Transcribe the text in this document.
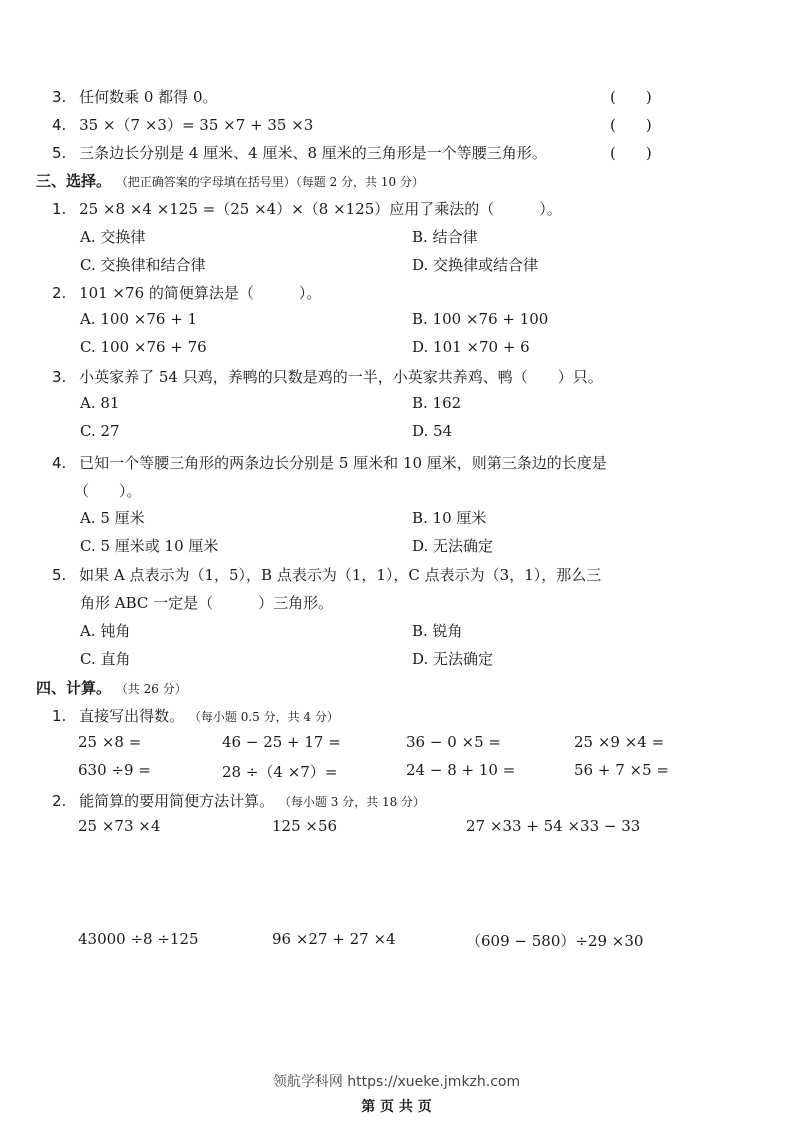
3. 任何数乘 0 都得 0。	(　　)
4. 35 ×（7 ×3）= 35 ×7 + 35 ×3	(　　)
5. 三条边长分别是 4 厘米、4 厘米、8 厘米的三角形是一个等腰三角形。	(　　)
三、选择。 （把正确答案的字母填在括号里）（每题 2 分，共 10 分）
1. 25 ×8 ×4 ×125 =（25 ×4）×（8 ×125）应用了乘法的（　　　）。
A. 交换律	B. 结合律
C. 交换律和结合律	D. 交换律或结合律
2. 101 ×76 的简便算法是（　　　）。
A. 100 ×76 + 1	B. 100 ×76 + 100
C. 100 ×76 + 76	D. 101 ×70 + 6
3. 小英家养了 54 只鸡，养鸭的只数是鸡的一半，小英家共养鸡、鸭（　　）只。
A. 81	B. 162
C. 27	D. 54
4. 已知一个等腰三角形的两条边长分别是 5 厘米和 10 厘米，则第三条边的长度是
（　　）。
A. 5 厘米	B. 10 厘米
C. 5 厘米或 10 厘米	D. 无法确定
5. 如果 A 点表示为（1，5），B 点表示为（1，1），C 点表示为（3，1），那么三
角形 ABC 一定是（　　　）三角形。
A. 钝角	B. 锐角
C. 直角	D. 无法确定
四、计算。 （共 26 分）
1. 直接写出得数。 （每小题 0.5 分，共 4 分）
25 ×8 =	46 − 25 + 17 =	36 − 0 ×5 =	25 ×9 ×4 =
630 ÷9 =	28 ÷（4 ×7）=	24 − 8 + 10 =	56 + 7 ×5 =
2. 能简算的要用简便方法计算。 （每小题 3 分，共 18 分）
25 ×73 ×4	125 ×56	27 ×33 + 54 ×33 − 33
43000 ÷8 ÷125	96 ×27 + 27 ×4	（609 − 580）÷29 ×30
领航学科网 https://xueke.jmkzh.com
第 页 共 页
